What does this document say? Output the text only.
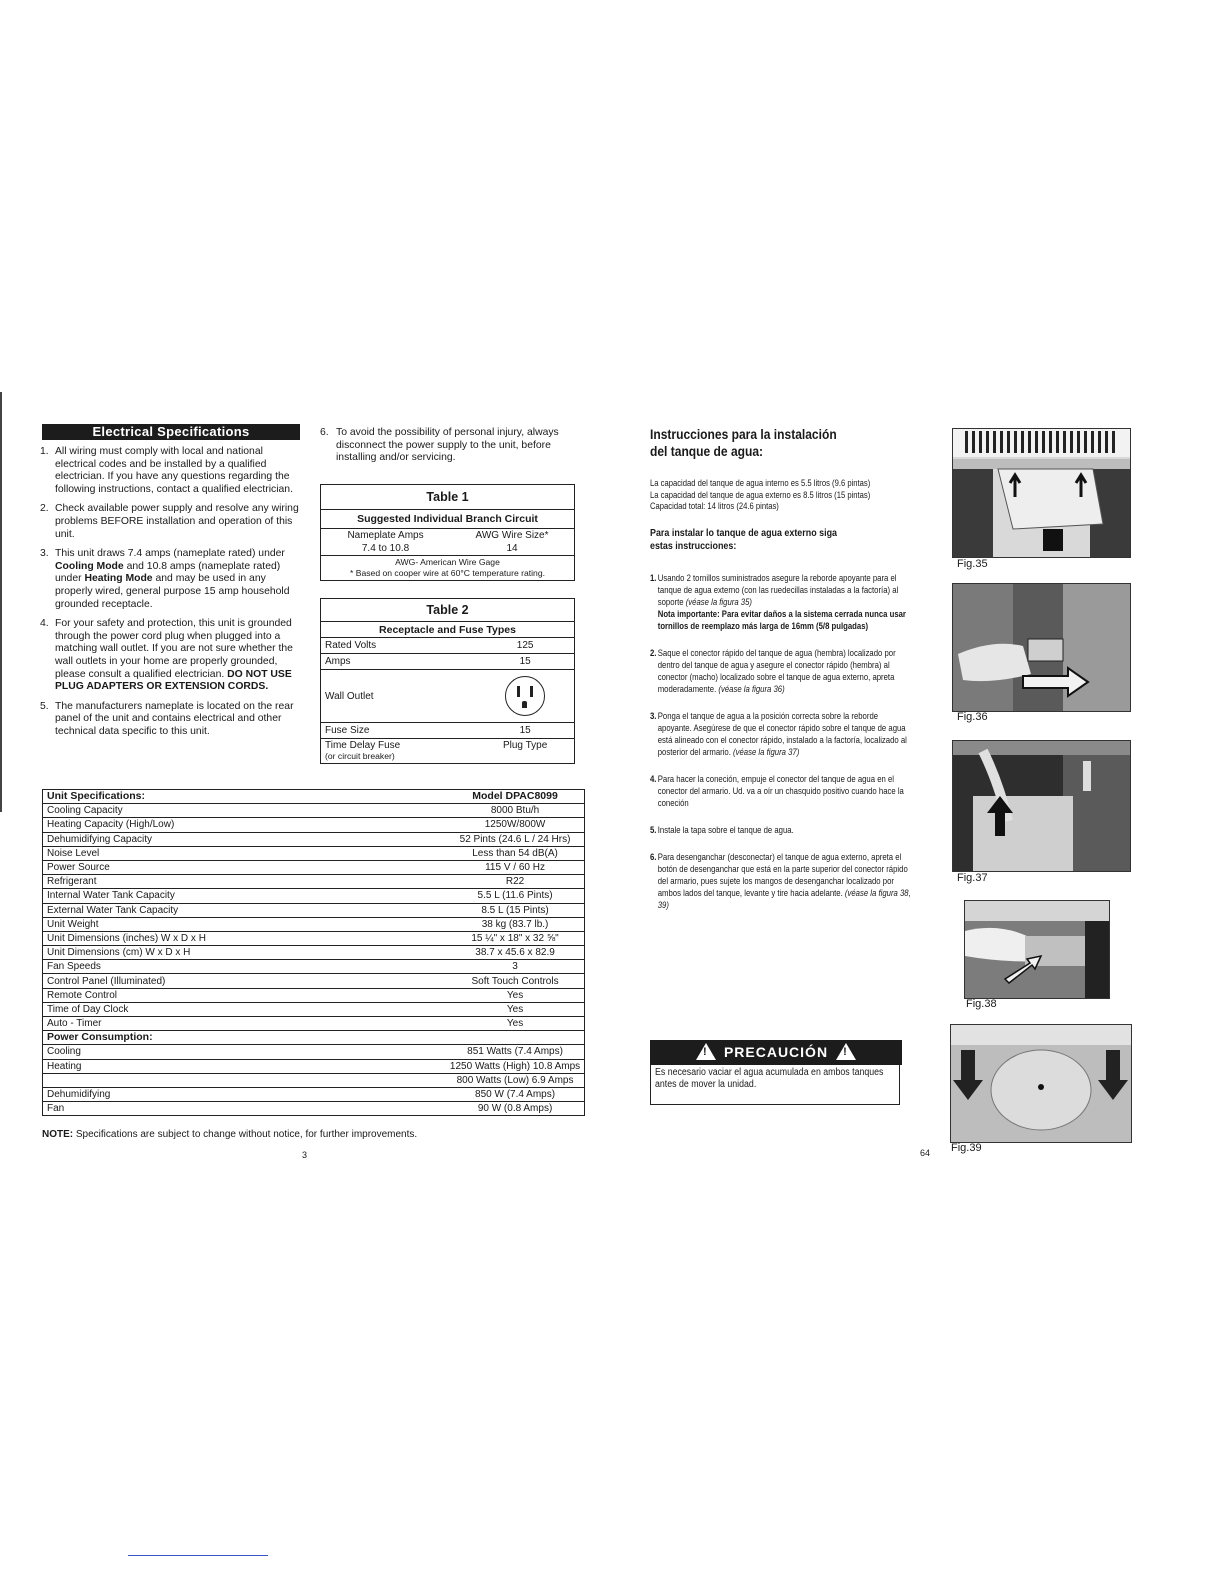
Electrical Specifications
1. All wiring must comply with local and national electrical codes and be installed by a qualified electrician. If you have any questions regarding the following instructions, contact a qualified electrician.
2. Check available power supply and resolve any wiring problems BEFORE installation and operation of this unit.
3. This unit draws 7.4 amps (nameplate rated) under Cooling Mode and 10.8 amps (nameplate rated) under Heating Mode and may be used in any properly wired, general purpose 15 amp household grounded receptacle.
4. For your safety and protection, this unit is grounded through the power cord plug when plugged into a matching wall outlet. If you are not sure whether the wall outlets in your home are properly grounded, please consult a qualified electrician. DO NOT USE PLUG ADAPTERS OR EXTENSION CORDS.
5. The manufacturers nameplate is located on the rear panel of the unit and contains electrical and other technical data specific to this unit.
6. To avoid the possibility of personal injury, always disconnect the power supply to the unit, before installing and/or servicing.
Table 1	
Suggested Individual Branch Circuit	
Nameplate Amps	AWG Wire Size*
7.4 to 10.8	14
AWG- American Wire Gage
* Based on cooper wire at 60°C temperature rating.	
Table 2	
Receptacle and Fuse Types	
Rated Volts	125
Amps	15
Wall Outlet	

Fuse Size	15
Time Delay Fuse
(or circuit breaker)	Plug Type
Unit Specifications:	Model DPAC8099
Cooling Capacity	8000 Btu/h
Heating Capacity (High/Low)	1250W/800W
Dehumidifying Capacity	52 Pints (24.6 L / 24 Hrs)
Noise Level	Less than 54 dB(A)
Power Source	115 V / 60 Hz
Refrigerant	R22
Internal Water Tank Capacity	5.5 L (11.6 Pints)
External Water Tank Capacity	8.5 L (15 Pints)
Unit Weight	38 kg (83.7 lb.)
Unit Dimensions (inches) W x D x H	15 ¼" x 18" x 32 ⅝"
Unit Dimensions (cm) W x D x H	38.7 x 45.6 x 82.9
Fan Speeds	3
Control Panel (Illuminated)	Soft Touch Controls
Remote Control	Yes
Time of Day Clock	Yes
Auto - Timer	Yes
Power Consumption:	
Cooling	851 Watts (7.4 Amps)
Heating	1250 Watts (High) 10.8 Amps
	800 Watts (Low) 6.9 Amps
Dehumidifying	850 W (7.4 Amps)
Fan	90 W (0.8 Amps)
NOTE: Specifications are subject to change without notice, for further improvements.
3
Instrucciones para la instalación
del tanque de agua:
La capacidad del tanque de agua interno es 5.5 litros (9.6 pintas)
La capacidad del tanque de agua externo es 8.5 litros (15 pintas)
Capacidad total: 14 litros (24.6 pintas)
Para instalar lo tanque de agua externo siga
estas instrucciones:
1. Usando 2 tornillos suministrados asegure la reborde apoyante para el tanque de agua externo (con las ruedecillas instaladas a la factoría) al soporte (véase la figura 35)
Nota importante: Para evitar daños a la sistema cerrada nunca usar tornillos de reemplazo más larga de 16mm (5/8 pulgadas)
2. Saque el conector rápido del tanque de agua (hembra) localizado por dentro del tanque de agua y asegure el conector rápido (hembra) al conector (macho) localizado sobre el tanque de agua externo, apreta moderadamente. (véase la figura 36)
3. Ponga el tanque de agua a la posición correcta sobre la reborde apoyante. Asegúrese de que el conector rápido sobre el tanque de agua está alineado con el conector rápido, instalado a la factoría, localizado al posterior del armario. (véase la figura 37)
4. Para hacer la coneción, empuje el conector del tanque de agua en el conector del armario. Ud. va a oír un chasquido positivo cuando hace la coneción
5. Instale la tapa sobre el tanque de agua.
6. Para desenganchar (desconectar) el tanque de agua externo, apreta el botón de desenganchar que está en la parte superior del conector rápido del armario, pues sujete los mangos de desenganchar localizado por ambos lados del tanque, levante y tire hacia adelante. (véase la figura 38, 39)
!PRECAUCIÓN!
Es necesario vaciar el agua acumulada en ambos tanques antes de mover la unidad.
Fig.35
Fig.36
Fig.37
Fig.38
Fig.39
64
